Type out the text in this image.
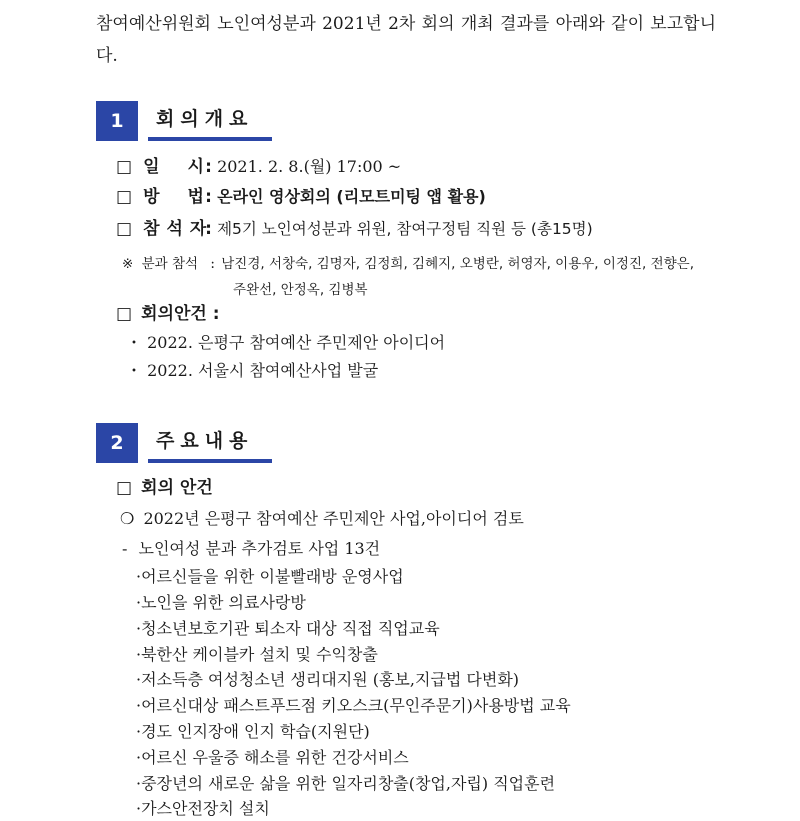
참여예산위원회 노인여성분과 2021년 2차 회의 개최 결과를 아래와 같이 보고합니다.
1	회의개요
□ 일 시: 2021. 2. 8.(월) 17:00 ~
□ 방 법: 온라인 영상회의 (리모트미팅 앱 활용)
□ 참 석 자: 제5기 노인여성분과 위원, 참여구정팀 직원 등 (총15명)
※ 분과 참석 : 남진경, 서창숙, 김명자, 김정희, 김혜지, 오병란, 허영자, 이용우, 이정진, 전향은,
주완선, 안정옥, 김병복
□ 회의안건 :
・ 2022. 은평구 참여예산 주민제안 아이디어
・ 2022. 서울시 참여예산사업 발굴
2	주요내용
□ 회의 안건
❍ 2022년 은평구 참여예산 주민제안 사업,아이디어 검토
- 노인여성 분과 추가검토 사업 13건
·어르신들을 위한 이불빨래방 운영사업
·노인을 위한 의료사랑방
·청소년보호기관 퇴소자 대상 직접 직업교육
·북한산 케이블카 설치 및 수익창출
·저소득층 여성청소년 생리대지원 (홍보,지급법 다변화)
·어르신대상 패스트푸드점 키오스크(무인주문기)사용방법 교육
·경도 인지장애 인지 학습(지원단)
·어르신 우울증 해소를 위한 건강서비스
·중장년의 새로운 삶을 위한 일자리창출(창업,자립) 직업훈련
·가스안전장치 설치
